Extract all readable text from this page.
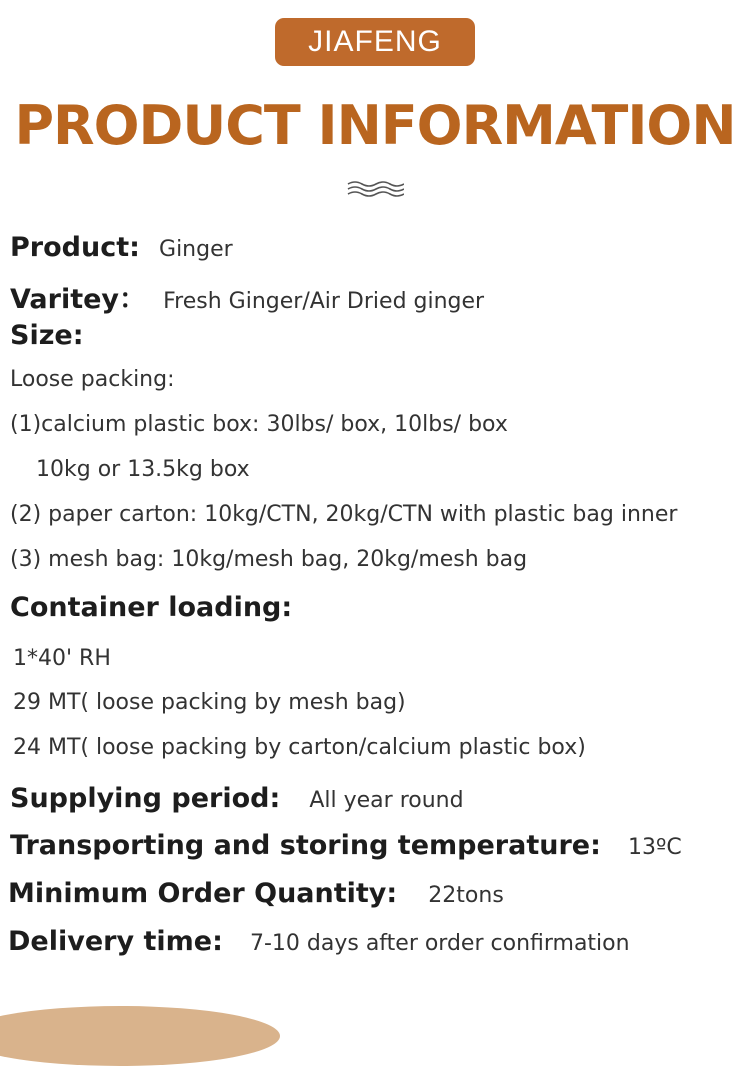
JIAFENG
PRODUCT INFORMATION
Product: Ginger
Varitey： Fresh Ginger/Air Dried ginger
Size:
Loose packing:
(1)calcium plastic box: 30lbs/ box, 10lbs/ box
10kg or 13.5kg box
(2) paper carton: 10kg/CTN, 20kg/CTN with plastic bag inner
(3) mesh bag: 10kg/mesh bag, 20kg/mesh bag
Container loading:
1*40' RH
29 MT( loose packing by mesh bag)
24 MT( loose packing by carton/calcium plastic box)
Supplying period: All year round
Transporting and storing temperature: 13ºC
Minimum Order Quantity: 22tons
Delivery time: 7-10 days after order confirmation
